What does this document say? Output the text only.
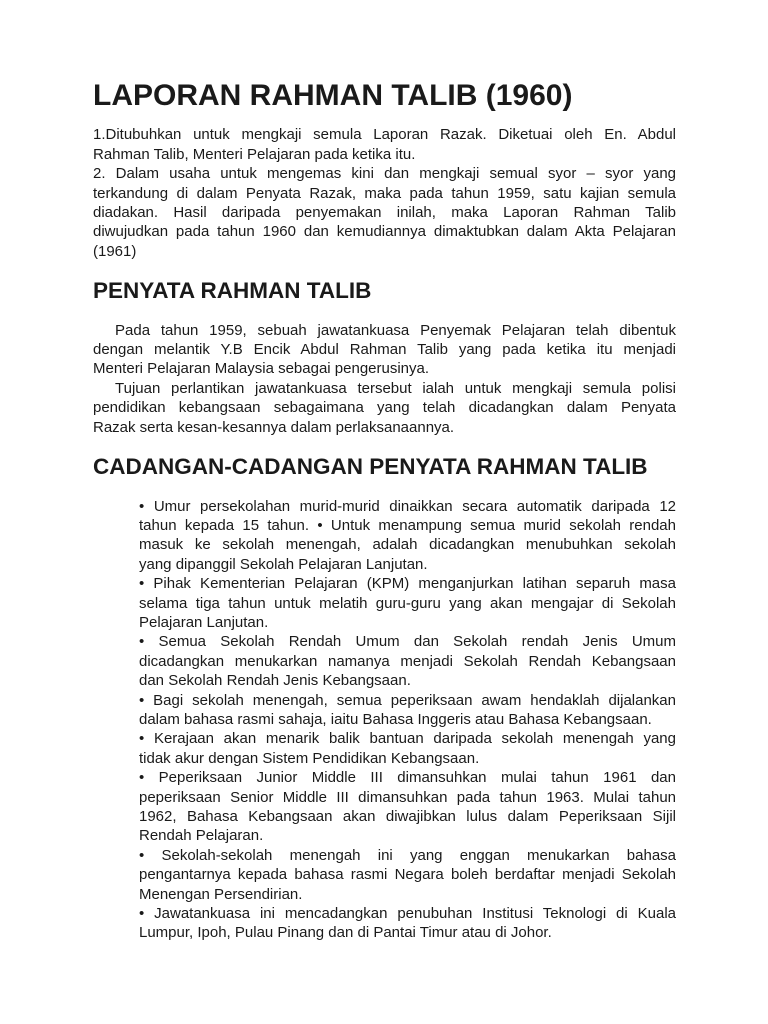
LAPORAN RAHMAN TALIB (1960)
1.Ditubuhkan untuk mengkaji semula Laporan Razak. Diketuai oleh En. Abdul
Rahman Talib, Menteri Pelajaran pada ketika itu.
2. Dalam usaha untuk mengemas kini dan mengkaji semual syor – syor yang
terkandung di dalam Penyata Razak, maka pada tahun 1959, satu kajian semula
diadakan. Hasil daripada penyemakan inilah, maka Laporan Rahman Talib
diwujudkan pada tahun 1960 dan kemudiannya dimaktubkan dalam Akta Pelajaran
(1961)
PENYATA RAHMAN TALIB
Pada tahun 1959, sebuah jawatankuasa Penyemak Pelajaran telah dibentuk
dengan melantik Y.B Encik Abdul Rahman Talib yang pada ketika itu menjadi
Menteri Pelajaran Malaysia sebagai pengerusinya.
Tujuan perlantikan jawatankuasa tersebut ialah untuk mengkaji semula polisi
pendidikan kebangsaan sebagaimana yang telah dicadangkan dalam Penyata
Razak serta kesan-kesannya dalam perlaksanaannya.
CADANGAN-CADANGAN PENYATA RAHMAN TALIB
• Umur persekolahan murid-murid dinaikkan secara automatik daripada 12
tahun kepada 15 tahun. • Untuk menampung semua murid sekolah rendah
masuk ke sekolah menengah, adalah dicadangkan menubuhkan sekolah
yang dipanggil Sekolah Pelajaran Lanjutan.
• Pihak Kementerian Pelajaran (KPM) menganjurkan latihan separuh masa
selama tiga tahun untuk melatih guru-guru yang akan mengajar di Sekolah
Pelajaran Lanjutan.
• Semua Sekolah Rendah Umum dan Sekolah rendah Jenis Umum
dicadangkan menukarkan namanya menjadi Sekolah Rendah Kebangsaan
dan Sekolah Rendah Jenis Kebangsaan.
• Bagi sekolah menengah, semua peperiksaan awam hendaklah dijalankan
dalam bahasa rasmi sahaja, iaitu Bahasa Inggeris atau Bahasa Kebangsaan.
• Kerajaan akan menarik balik bantuan daripada sekolah menengah yang
tidak akur dengan Sistem Pendidikan Kebangsaan.
• Peperiksaan Junior Middle III dimansuhkan mulai tahun 1961 dan
peperiksaan Senior Middle III dimansuhkan pada tahun 1963. Mulai tahun
1962, Bahasa Kebangsaan akan diwajibkan lulus dalam Peperiksaan Sijil
Rendah Pelajaran.
• Sekolah-sekolah menengah ini yang enggan menukarkan bahasa
pengantarnya kepada bahasa rasmi Negara boleh berdaftar menjadi Sekolah
Menengan Persendirian.
• Jawatankuasa ini mencadangkan penubuhan Institusi Teknologi di Kuala
Lumpur, Ipoh, Pulau Pinang dan di Pantai Timur atau di Johor.
